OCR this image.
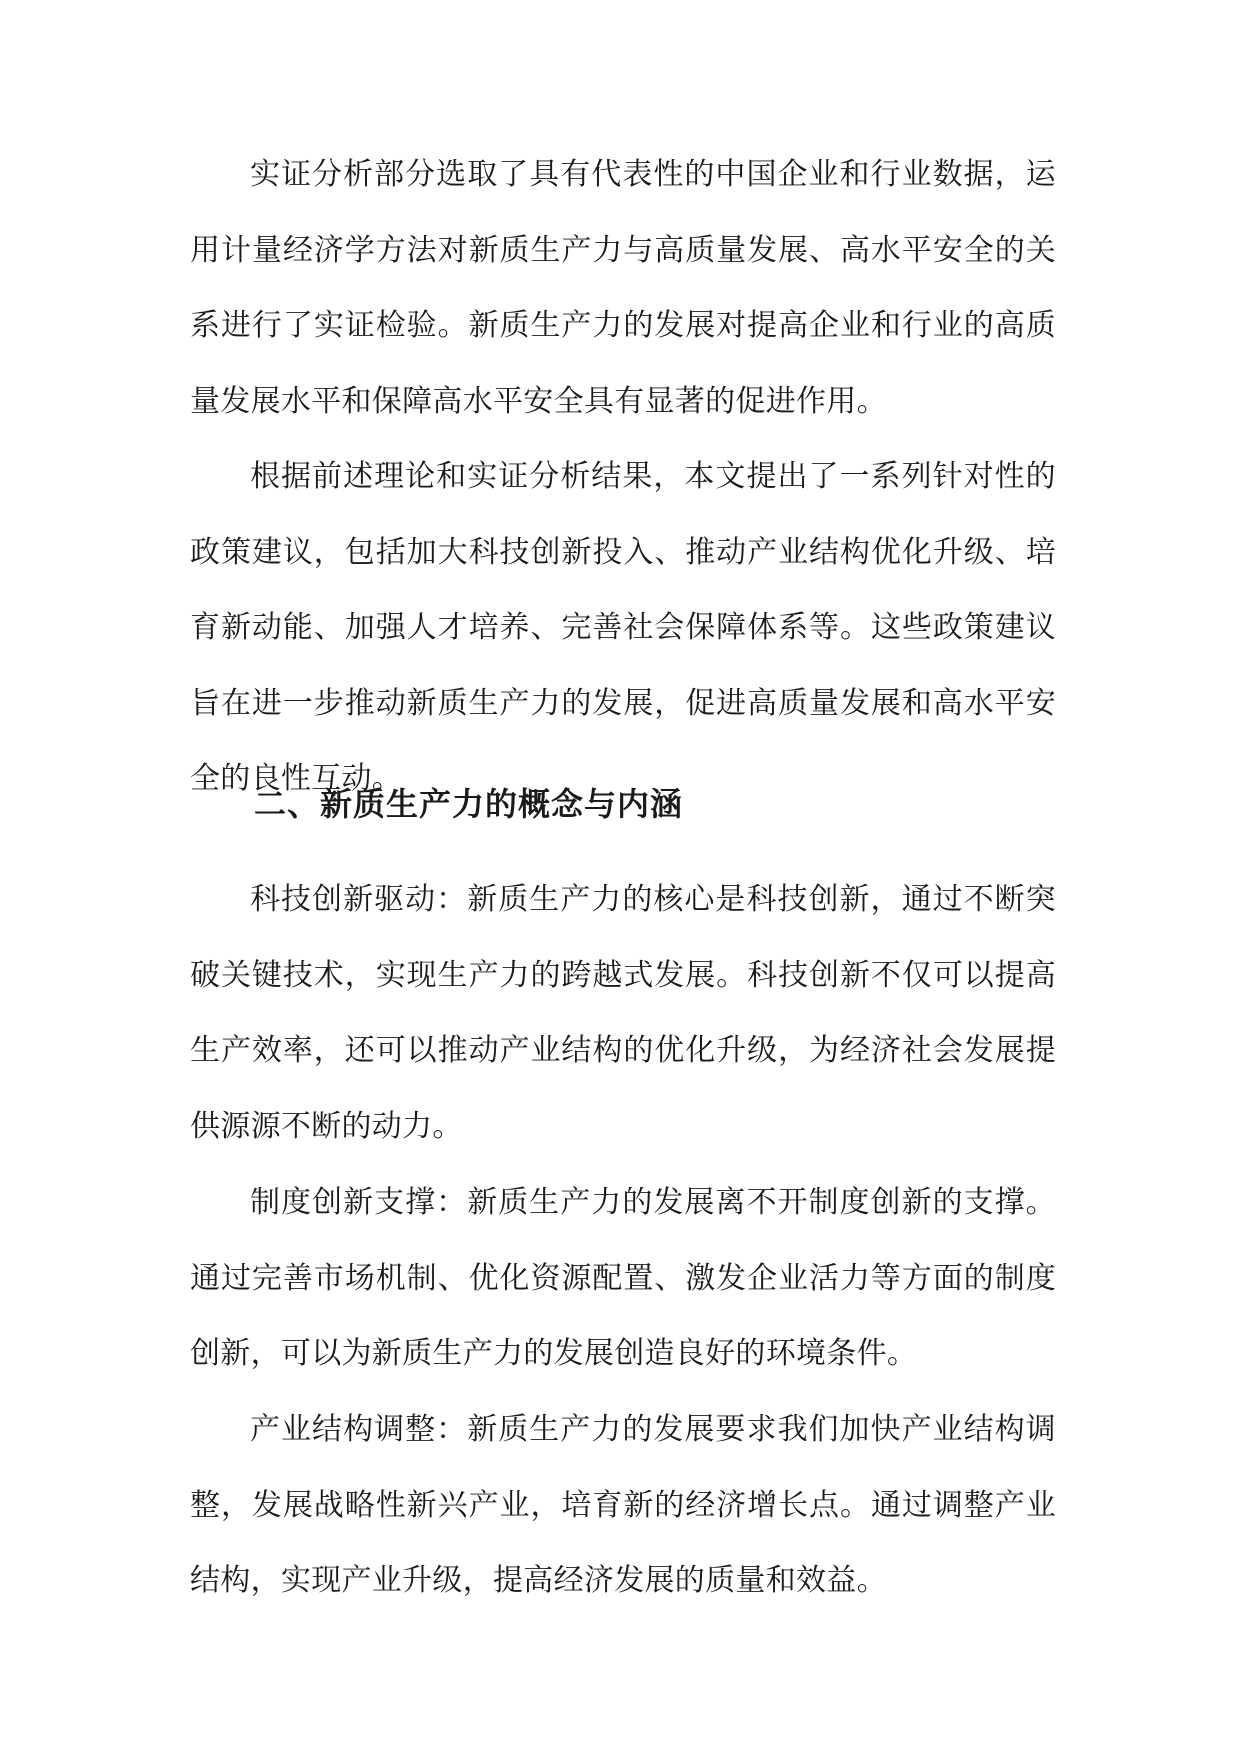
实证分析部分选取了具有代表性的中国企业和行业数据，运用计量经济学方法对新质生产力与高质量发展、高水平安全的关系进行了实证检验。新质生产力的发展对提高企业和行业的高质量发展水平和保障高水平安全具有显著的促进作用。

根据前述理论和实证分析结果，本文提出了一系列针对性的政策建议，包括加大科技创新投入、推动产业结构优化升级、培育新动能、加强人才培养、完善社会保障体系等。这些政策建议旨在进一步推动新质生产力的发展，促进高质量发展和高水平安全的良性互动。

二、新质生产力的概念与内涵

科技创新驱动：新质生产力的核心是科技创新，通过不断突破关键技术，实现生产力的跨越式发展。科技创新不仅可以提高生产效率，还可以推动产业结构的优化升级，为经济社会发展提供源源不断的动力。

制度创新支撑：新质生产力的发展离不开制度创新的支撑。通过完善市场机制、优化资源配置、激发企业活力等方面的制度创新，可以为新质生产力的发展创造良好的环境条件。

产业结构调整：新质生产力的发展要求我们加快产业结构调整，发展战略性新兴产业，培育新的经济增长点。通过调整产业结构，实现产业升级，提高经济发展的质量和效益。
